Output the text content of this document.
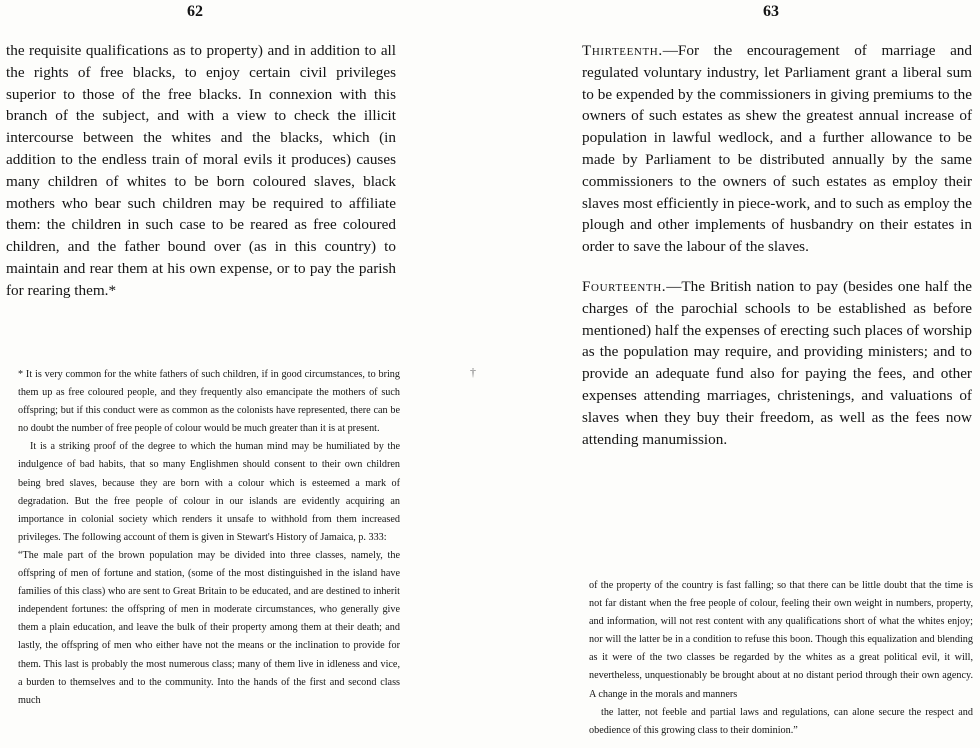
62

the requisite qualifications as to property) and in addition to all the rights of free blacks, to enjoy certain civil privileges superior to those of the free blacks. In connexion with this branch of the subject, and with a view to check the illicit intercourse between the whites and the blacks, which (in addition to the endless train of moral evils it produces) causes many children of whites to be born coloured slaves, black mothers who bear such children may be required to affiliate them: the children in such case to be reared as free coloured children, and the father bound over (as in this country) to maintain and rear them at his own expense, or to pay the parish for rearing them.*

* It is very common for the white fathers of such children, if in good circumstances, to bring them up as free coloured people, and they frequently also emancipate the mothers of such offspring; but if this conduct were as common as the colonists have represented, there can be no doubt the number of free people of colour would be much greater than it is at present.

It is a striking proof of the degree to which the human mind may be humiliated by the indulgence of bad habits, that so many Englishmen should consent to their own children being bred slaves, because they are born with a colour which is esteemed a mark of degradation. But the free people of colour in our islands are evidently acquiring an importance in colonial society which renders it unsafe to withhold from them increased privileges. The following account of them is given in Stewart's History of Jamaica, p. 333:

“The male part of the brown population may be divided into three classes, namely, the offspring of men of fortune and station, (some of the most distinguished in the island have families of this class) who are sent to Great Britain to be educated, and are destined to inherit independent fortunes: the offspring of men in moderate circumstances, who generally give them a plain education, and leave the bulk of their property among them at their death; and lastly, the offspring of men who either have not the means or the inclination to provide for them. This last is probably the most numerous class; many of them live in idleness and vice, a burden to themselves and to the community. Into the hands of the first and second class much

†
63

Thirteenth.—For the encouragement of marriage and regulated voluntary industry, let Parliament grant a liberal sum to be expended by the commissioners in giving premiums to the owners of such estates as shew the greatest annual increase of population in lawful wedlock, and a further allowance to be made by Parliament to be distributed annually by the same commissioners to the owners of such estates as employ their slaves most efficiently in piece-work, and to such as employ the plough and other implements of husbandry on their estates in order to save the labour of the slaves.

Fourteenth.—The British nation to pay (besides one half the charges of the parochial schools to be established as before mentioned) half the expenses of erecting such places of worship as the population may require, and providing ministers; and to provide an adequate fund also for paying the fees, and other expenses attending marriages, christenings, and valuations of slaves when they buy their freedom, as well as the fees now attending manumission.

of the property of the country is fast falling; so that there can be little doubt that the time is not far distant when the free people of colour, feeling their own weight in numbers, property, and information, will not rest content with any qualifications short of what the whites enjoy; nor will the latter be in a condition to refuse this boon. Though this equalization and blending as it were of the two classes be regarded by the whites as a great political evil, it will, nevertheless, unquestionably be brought about at no distant period through their own agency. A change in the morals and manners

the latter, not feeble and partial laws and regulations, can alone secure the respect and obedience of this growing class to their dominion.”
